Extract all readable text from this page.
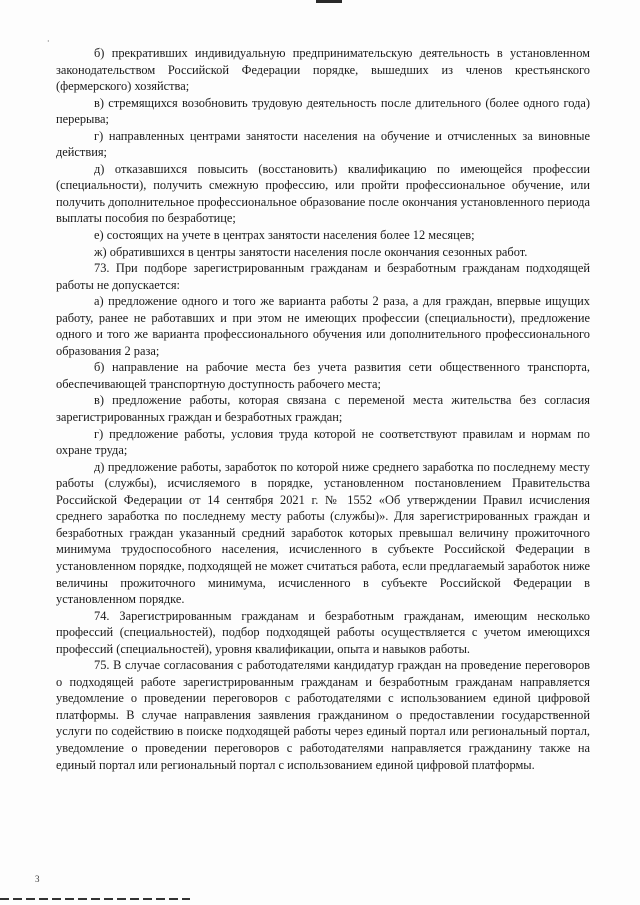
·

б) прекративших индивидуальную предпринимательскую деятельность в установленном законодательством Российской Федерации порядке, вышедших из членов крестьянского (фермерского) хозяйства;

в) стремящихся возобновить трудовую деятельность после длительного (более одного года) перерыва;

г) направленных центрами занятости населения на обучение и отчисленных за виновные действия;

д) отказавшихся повысить (восстановить) квалификацию по имеющейся профессии (специальности), получить смежную профессию, или пройти профессиональное обучение, или получить дополнительное профессиональное образование после окончания установленного периода выплаты пособия по безработице;

е) состоящих на учете в центрах занятости населения более 12 месяцев;

ж) обратившихся в центры занятости населения после окончания сезонных работ.

73. При подборе зарегистрированным гражданам и безработным гражданам подходящей работы не допускается:

а) предложение одного и того же варианта работы 2 раза, а для граждан, впервые ищущих работу, ранее не работавших и при этом не имеющих профессии (специальности), предложение одного и того же варианта профессионального обучения или дополнительного профессионального образования 2 раза;

б) направление на рабочие места без учета развития сети общественного транспорта, обеспечивающей транспортную доступность рабочего места;

в) предложение работы, которая связана с переменой места жительства без согласия зарегистрированных граждан и безработных граждан;

г) предложение работы, условия труда которой не соответствуют правилам и нормам по охране труда;

д) предложение работы, заработок по которой ниже среднего заработка по последнему месту работы (службы), исчисляемого в порядке, установленном постановлением Правительства Российской Федерации от 14 сентября 2021 г. № 1552 «Об утверждении Правил исчисления среднего заработка по последнему месту работы (службы)». Для зарегистрированных граждан и безработных граждан указанный средний заработок которых превышал величину прожиточного минимума трудоспособного населения, исчисленного в субъекте Российской Федерации в установленном порядке, подходящей не может считаться работа, если предлагаемый заработок ниже величины прожиточного минимума, исчисленного в субъекте Российской Федерации в установленном порядке.

74. Зарегистрированным гражданам и безработным гражданам, имеющим несколько профессий (специальностей), подбор подходящей работы осуществляется с учетом имеющихся профессий (специальностей), уровня квалификации, опыта и навыков работы.

75. В случае согласования с работодателями кандидатур граждан на проведение переговоров о подходящей работе зарегистрированным гражданам и безработным гражданам направляется уведомление о проведении переговоров с работодателями с использованием единой цифровой платформы. В случае направления заявления гражданином о предоставлении государственной услуги по содействию в поиске подходящей работы через единый портал или региональный портал, уведомление о проведении переговоров с работодателями направляется гражданину также на единый портал или региональный портал с использованием единой цифровой платформы.

3
